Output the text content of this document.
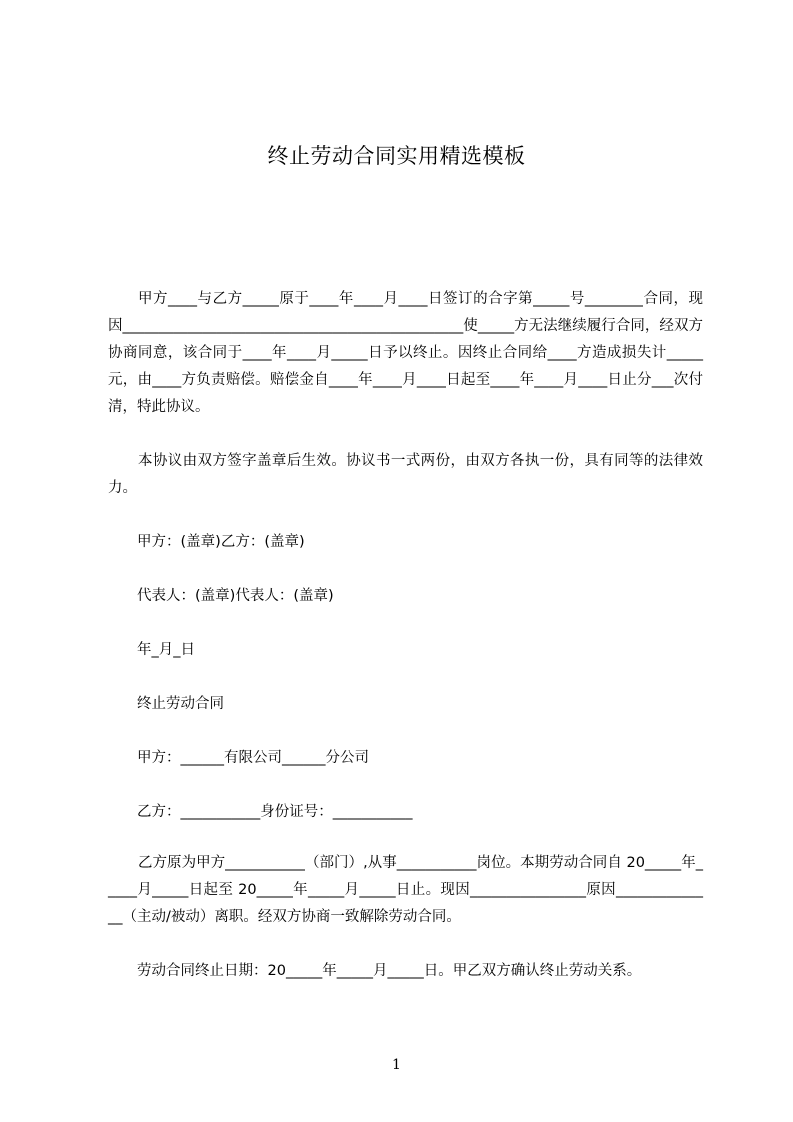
终止劳动合同实用精选模板
甲方____与乙方_____原于____年____月____日签订的合字第_____号________合同，现因_______________________________________________使_____方无法继续履行合同，经双方协商同意，该合同于____年____月_____日予以终止。因终止合同给____方造成损失计_____元，由____方负责赔偿。赔偿金自____年____月____日起至____年____月____日止分___次付清，特此协议。
本协议由双方签字盖章后生效。协议书一式两份，由双方各执一份，具有同等的法律效力。
甲方：(盖章)乙方：(盖章)
代表人：(盖章)代表人：(盖章)
年_月_日
终止劳动合同
甲方：______有限公司______分公司
乙方：___________身份证号：___________
乙方原为甲方___________（部门）,从事___________岗位。本期劳动合同自 20_____年_____月_____日起至 20_____年_____月_____日止。现因________________原因______________（主动/被动）离职。经双方协商一致解除劳动合同。
劳动合同终止日期：20_____年_____月_____日。甲乙双方确认终止劳动关系。
1
